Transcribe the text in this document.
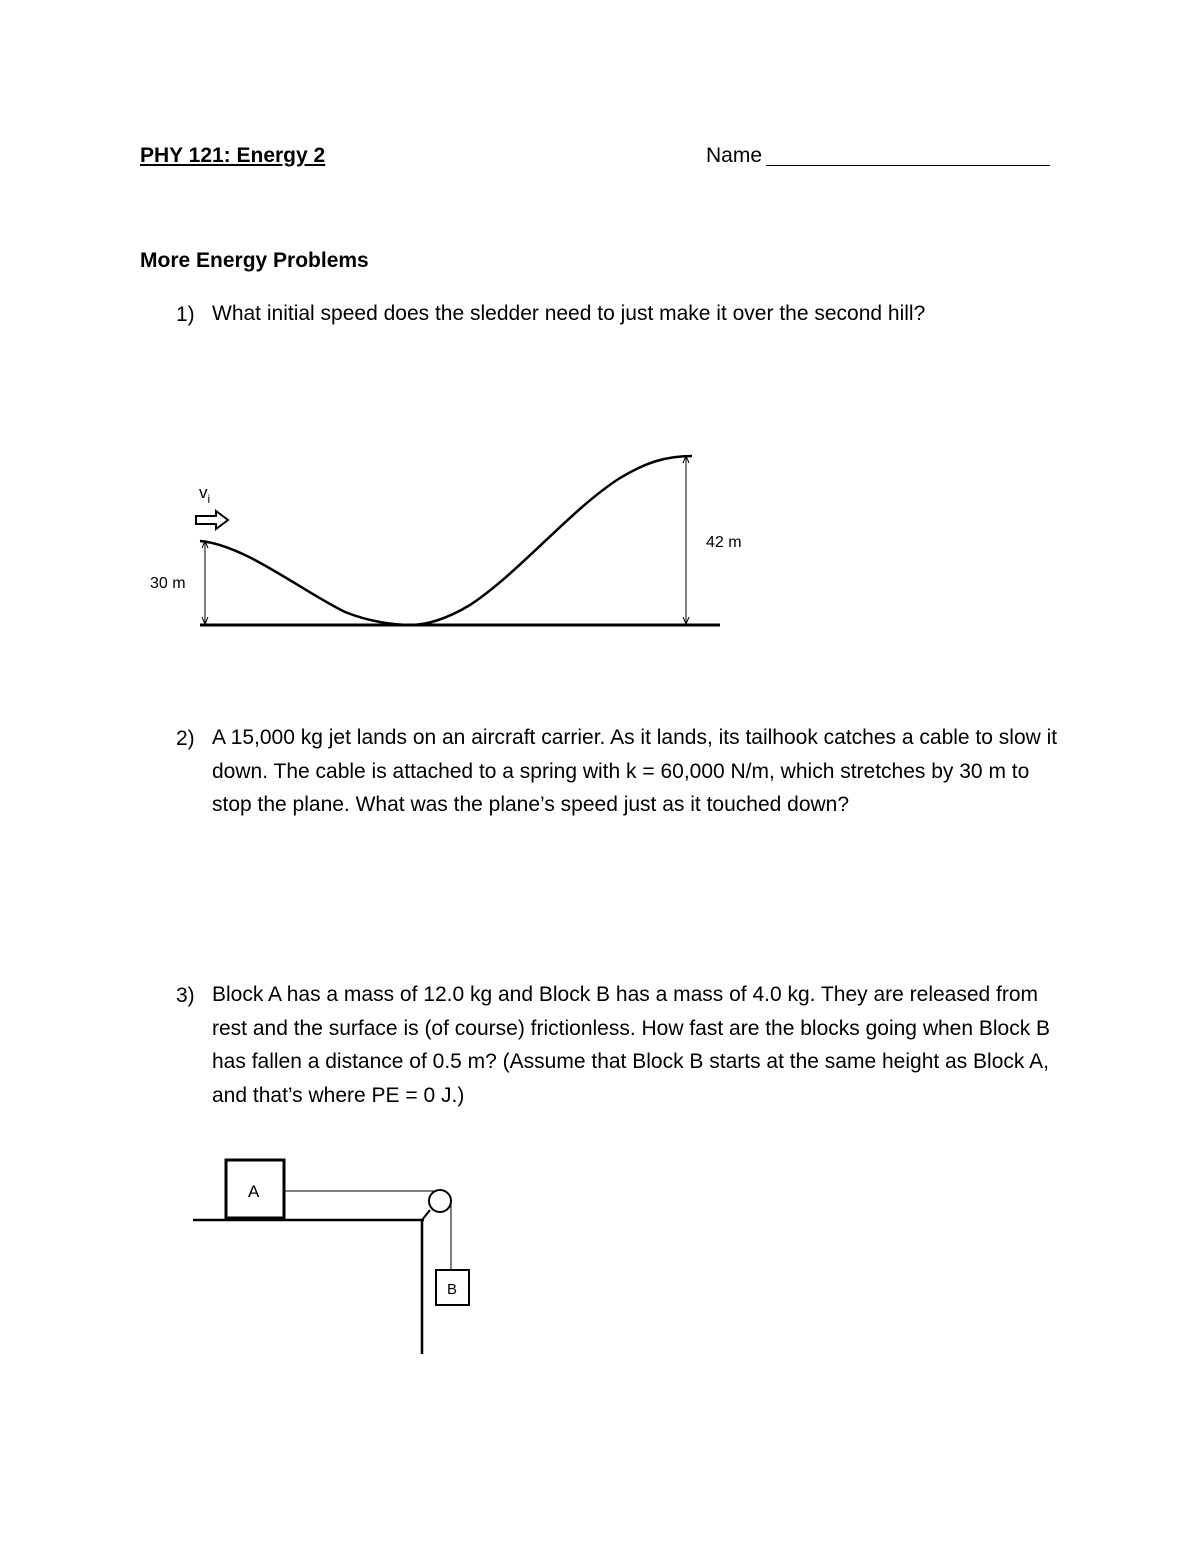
PHY 121: Energy 2	Name
More Energy Problems
1) What initial speed does the sledder need to just make it over the second hill?
$v_i$
30 m
42 m
2) A 15,000 kg jet lands on an aircraft carrier. As it lands, its tailhook catches a cable to slow it down. The cable is attached to a spring with k = 60,000 N/m, which stretches by 30 m to stop the plane. What was the plane’s speed just as it touched down?
3) Block A has a mass of 12.0 kg and Block B has a mass of 4.0 kg. They are released from rest and the surface is (of course) frictionless. How fast are the blocks going when Block B has fallen a distance of 0.5 m? (Assume that Block B starts at the same height as Block A, and that’s where PE = 0 J.)
A
B
